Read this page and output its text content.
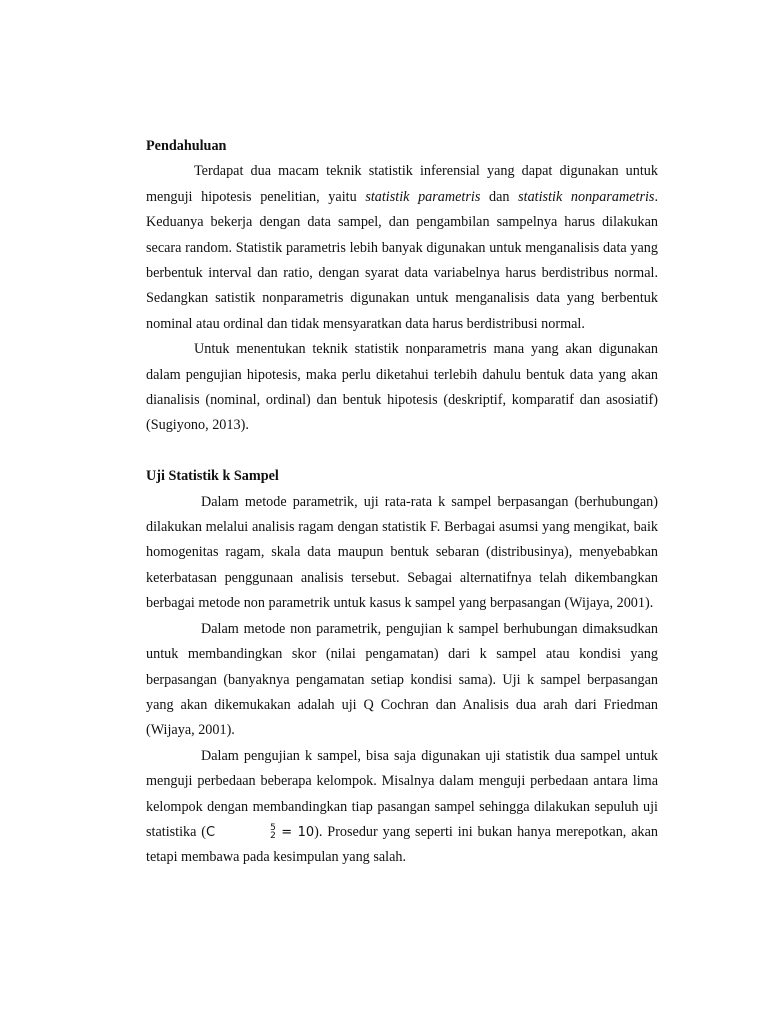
Pendahuluan

Terdapat dua macam teknik statistik inferensial yang dapat digunakan untuk menguji hipotesis penelitian, yaitu statistik parametris dan statistik nonparametris. Keduanya bekerja dengan data sampel, dan pengambilan sampelnya harus dilakukan secara random. Statistik parametris lebih banyak digunakan untuk menganalisis data yang berbentuk interval dan ratio, dengan syarat data variabelnya harus berdistribus normal. Sedangkan satistik nonparametris digunakan untuk menganalisis data yang berbentuk nominal atau ordinal dan tidak mensyaratkan data harus berdistribusi normal.

Untuk menentukan teknik statistik nonparametris mana yang akan digunakan dalam pengujian hipotesis, maka perlu diketahui terlebih dahulu bentuk data yang akan dianalisis (nominal, ordinal) dan bentuk hipotesis (deskriptif, komparatif dan asosiatif) (Sugiyono, 2013).

Uji Statistik k Sampel

Dalam metode parametrik, uji rata-rata k sampel berpasangan (berhubungan) dilakukan melalui analisis ragam dengan statistik F. Berbagai asumsi yang mengikat, baik homogenitas ragam, skala data maupun bentuk sebaran (distribusinya), menyebabkan keterbatasan penggunaan analisis tersebut. Sebagai alternatifnya telah dikembangkan berbagai metode non parametrik untuk kasus k sampel yang berpasangan (Wijaya, 2001).

Dalam metode non parametrik, pengujian k sampel berhubungan dimaksudkan untuk membandingkan skor (nilai pengamatan) dari k sampel atau kondisi yang berpasangan (banyaknya pengamatan setiap kondisi sama). Uji k sampel berpasangan yang akan dikemukakan adalah uji Q Cochran dan Analisis dua arah dari Friedman (Wijaya, 2001).

Dalam pengujian k sampel, bisa saja digunakan uji statistik dua sampel untuk menguji perbedaan beberapa kelompok. Misalnya dalam menguji perbedaan antara lima kelompok dengan membandingkan tiap pasangan sampel sehingga dilakukan sepuluh uji statistika (C	5
2 = 10). Prosedur yang seperti ini bukan hanya merepotkan, akan tetapi membawa pada kesimpulan yang salah.
